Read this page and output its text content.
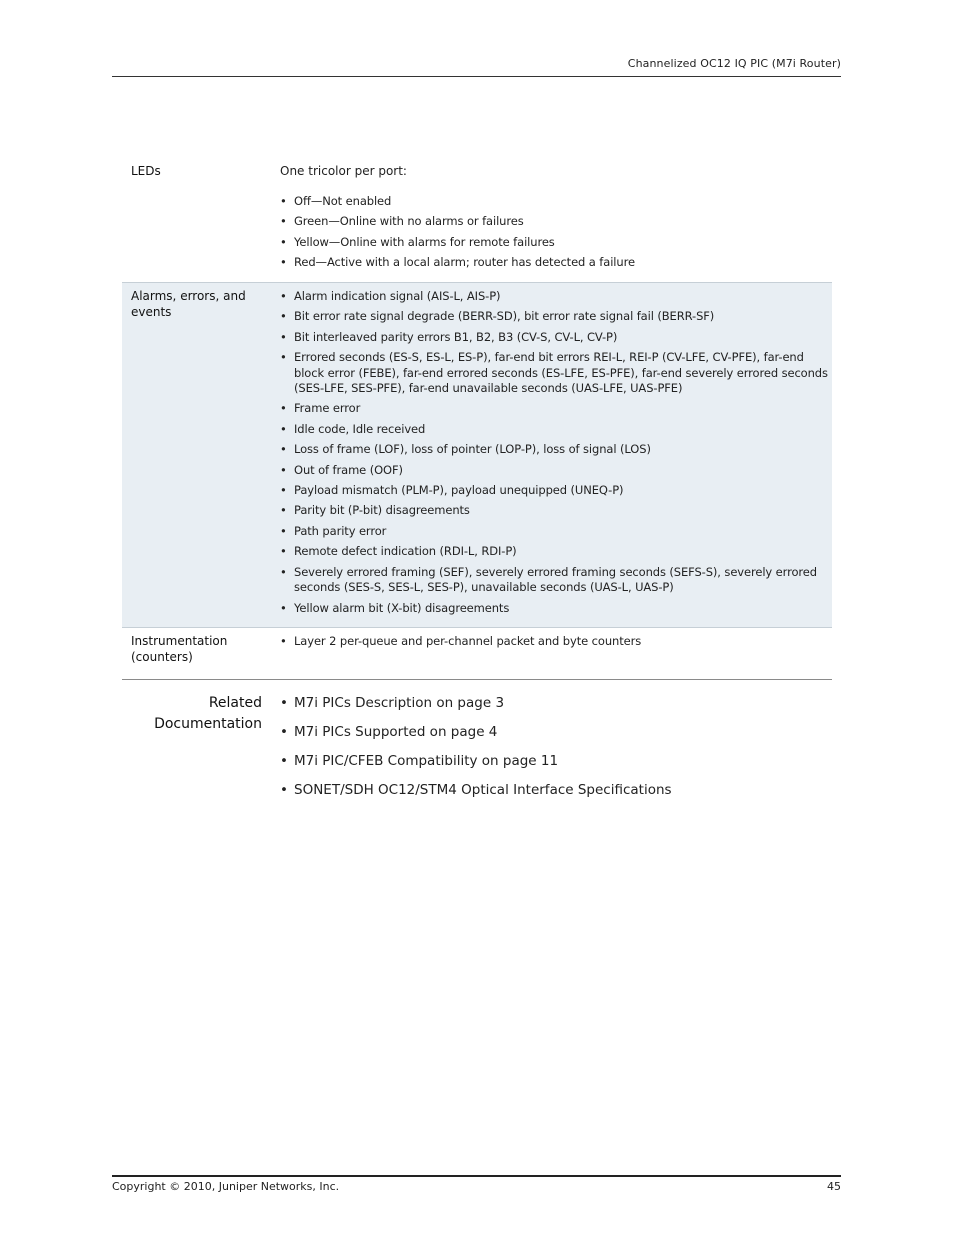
Channelized OC12 IQ PIC (M7i Router)
LEDs	One tricolor per port:
• Off—Not enabled
• Green—Online with no alarms or failures
• Yellow—Online with alarms for remote failures
• Red—Active with a local alarm; router has detected a failure
Alarms, errors, and events
• Alarm indication signal (AIS-L, AIS-P)
• Bit error rate signal degrade (BERR-SD), bit error rate signal fail (BERR-SF)
• Bit interleaved parity errors B1, B2, B3 (CV-S, CV-L, CV-P)
• Errored seconds (ES-S, ES-L, ES-P), far-end bit errors REI-L, REI-P (CV-LFE, CV-PFE), far-end block error (FEBE), far-end errored seconds (ES-LFE, ES-PFE), far-end severely errored seconds (SES-LFE, SES-PFE), far-end unavailable seconds (UAS-LFE, UAS-PFE)
• Frame error
• Idle code, Idle received
• Loss of frame (LOF), loss of pointer (LOP-P), loss of signal (LOS)
• Out of frame (OOF)
• Payload mismatch (PLM-P), payload unequipped (UNEQ-P)
• Parity bit (P-bit) disagreements
• Path parity error
• Remote defect indication (RDI-L, RDI-P)
• Severely errored framing (SEF), severely errored framing seconds (SEFS-S), severely errored seconds (SES-S, SES-L, SES-P), unavailable seconds (UAS-L, UAS-P)
• Yellow alarm bit (X-bit) disagreements
Instrumentation (counters)
• Layer 2 per-queue and per-channel packet and byte counters
Related
Documentation
• M7i PICs Description on page 3
• M7i PICs Supported on page 4
• M7i PIC/CFEB Compatibility on page 11
• SONET/SDH OC12/STM4 Optical Interface Specifications
Copyright © 2010, Juniper Networks, Inc.	45
